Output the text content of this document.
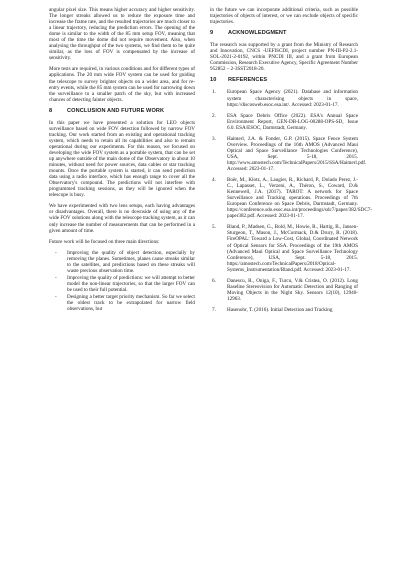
angular pixel size. This means higher accuracy and higher sensitivity. The longer streaks allowed us to reduce the exposure time and increase the frame rate, and the resulted trajectories are much closer to a linear trajectory, reducing the prediction errors. The opening of the dome is similar to the width of the 85 mm setup FOV, meaning that most of the time the dome did not require movement. Also, when analysing the throughput of the two systems, we find them to be quite similar, as the loss of FOV is compensated by the increase of sensitivity.

More tests are required, in various conditions and for different types of applications. The 20 mm wide FOV system can be used for guiding the telescope to survey brighter objects on a wider area, and for re-entry events, while the 85 mm system can be used for narrowing down the surveillance to a smaller patch of the sky, but with increased chances of detecting fainter objects.

8	CONCLUSION AND FUTURE WORK

In this paper we have presented a solution for LEO objects surveillance based on wide FOV detection followed by narrow FOV tracking. Our work started from an existing and operational tracking system, which needs to retain all its capabilities and also to remain operational during our experiments. For this reason, we focused on developing the wide FOV system as a portable system, that can be set up anywhere outside of the main dome of the Observatory in about 10 minutes, without need for power sources, data cables or star tracking mounts. Once the portable system is started, it can send prediction data using a radio interface, which has enough range to cover all the Observatory's compound. The predictions will not interfere with programmed tracking sessions, as they will be ignored when the telescope is busy.

We have experimented with two lens setups, each having advantages or disadvantages. Overall, there is no downside of using any of the wide FOV solutions along with the telescope tracking system, as it can only increase the number of measurements that can be performed in a given amount of time.

Future work will be focused on three main directions:

- Improving the quality of object detection, especially by removing the planes. Sometimes, planes cause streaks similar to the satellites, and predictions based on these streaks will waste precious observation time.
- Improving the quality of predictions: we will attempt to better model the non-linear trajectories, so that the larger FOV can be used to their full potential.
- Designing a better target priority mechanism. So far we select the oldest track to be extrapolated for narrow field observations, but

in the future we can incorporate additional criteria, such as possible trajectories of objects of interest, or we can exclude objects of specific trajectories.

9	ACKNOWLEDGMENT

The research was supported by a grant from the Ministry of Research and Innovation, CNCS -UEFISCDI, project number PN-III-P2-2.1-SOL-2021-2-0192, within PNCDI III, and a grant from European Commission, Research Executive Agency, Specific Agreement Number 952852 – 2-3SST2018-20.

10 REFERENCES
1. European Space Agency (2021). Database and information system characterising objects in space, https://discosweb.esoc.esa.int/. Accessed: 2023-01-17.
2. ESA Space Debris Office (2022). ESA's Annual Space Environment Report, GEN-DB-LOG-00288-OPS-SD, Issue 6.0. ESA/ESOC, Darmstadt, Germany.
3. Haimerl, J.A. & Fonder, G.P. (2015). Space Fence System Overview. Proceedings of the 16th AMOS (Advanced Maui Optical and Space Surveillance Technologies Conference), USA, Sept. 5-18, 2015. http://www.amostech.com/TechnicalPapers/2015/SSA/Haimerl.pdf. Accessed: 2023-01-17.
4. Boër, M., Klotz, A., Laugier, R., Richard, P., Dolado Perez, J.-C., Lapasset, L., Verzeni, A., Théron, S., Coward, D.& Kennewell, J.A. (2017). TAROT: A network for Space Surveillance and Tracking operations. Proceedings of 7th European Conference on Space Debris, Darmstadt, Germany. https://conference.sdo.esoc.esa.int/proceedings/sdc7/paper/382/SDC7-paper382.pdf. Accessed: 2023-01-17.
5. Bland, P., Madsen, G., Bold, M., Howie, R., Hartig, B., Jansen-Sturgeon, T., Mason, J., McCormack, D.& Drury, R. (2018). FireOPAL: Toward a Low-Cost, Global, Coordinated Network of Optical Sensors for SSA. Proceedings of the 19th AMOS (Advanced Maui Optical and Space Surveillance Technology Conference), USA, Sept. 5-18, 2015. https://amostech.com/TechnicalPapers/2018/Optical-Systems_Instrumentation/Bland.pdf. Accessed: 2023-01-17.
6. Danescu, R., Oniga, F., Turcu, V.& Cristea, O. (2012). Long Baseline Stereovision for Automatic Detection and Ranging of Moving Objects in the Night Sky. Sensors 12(10), 12940-12963.
7. Hasenohr, T. (2016). Initial Detection and Tracking
